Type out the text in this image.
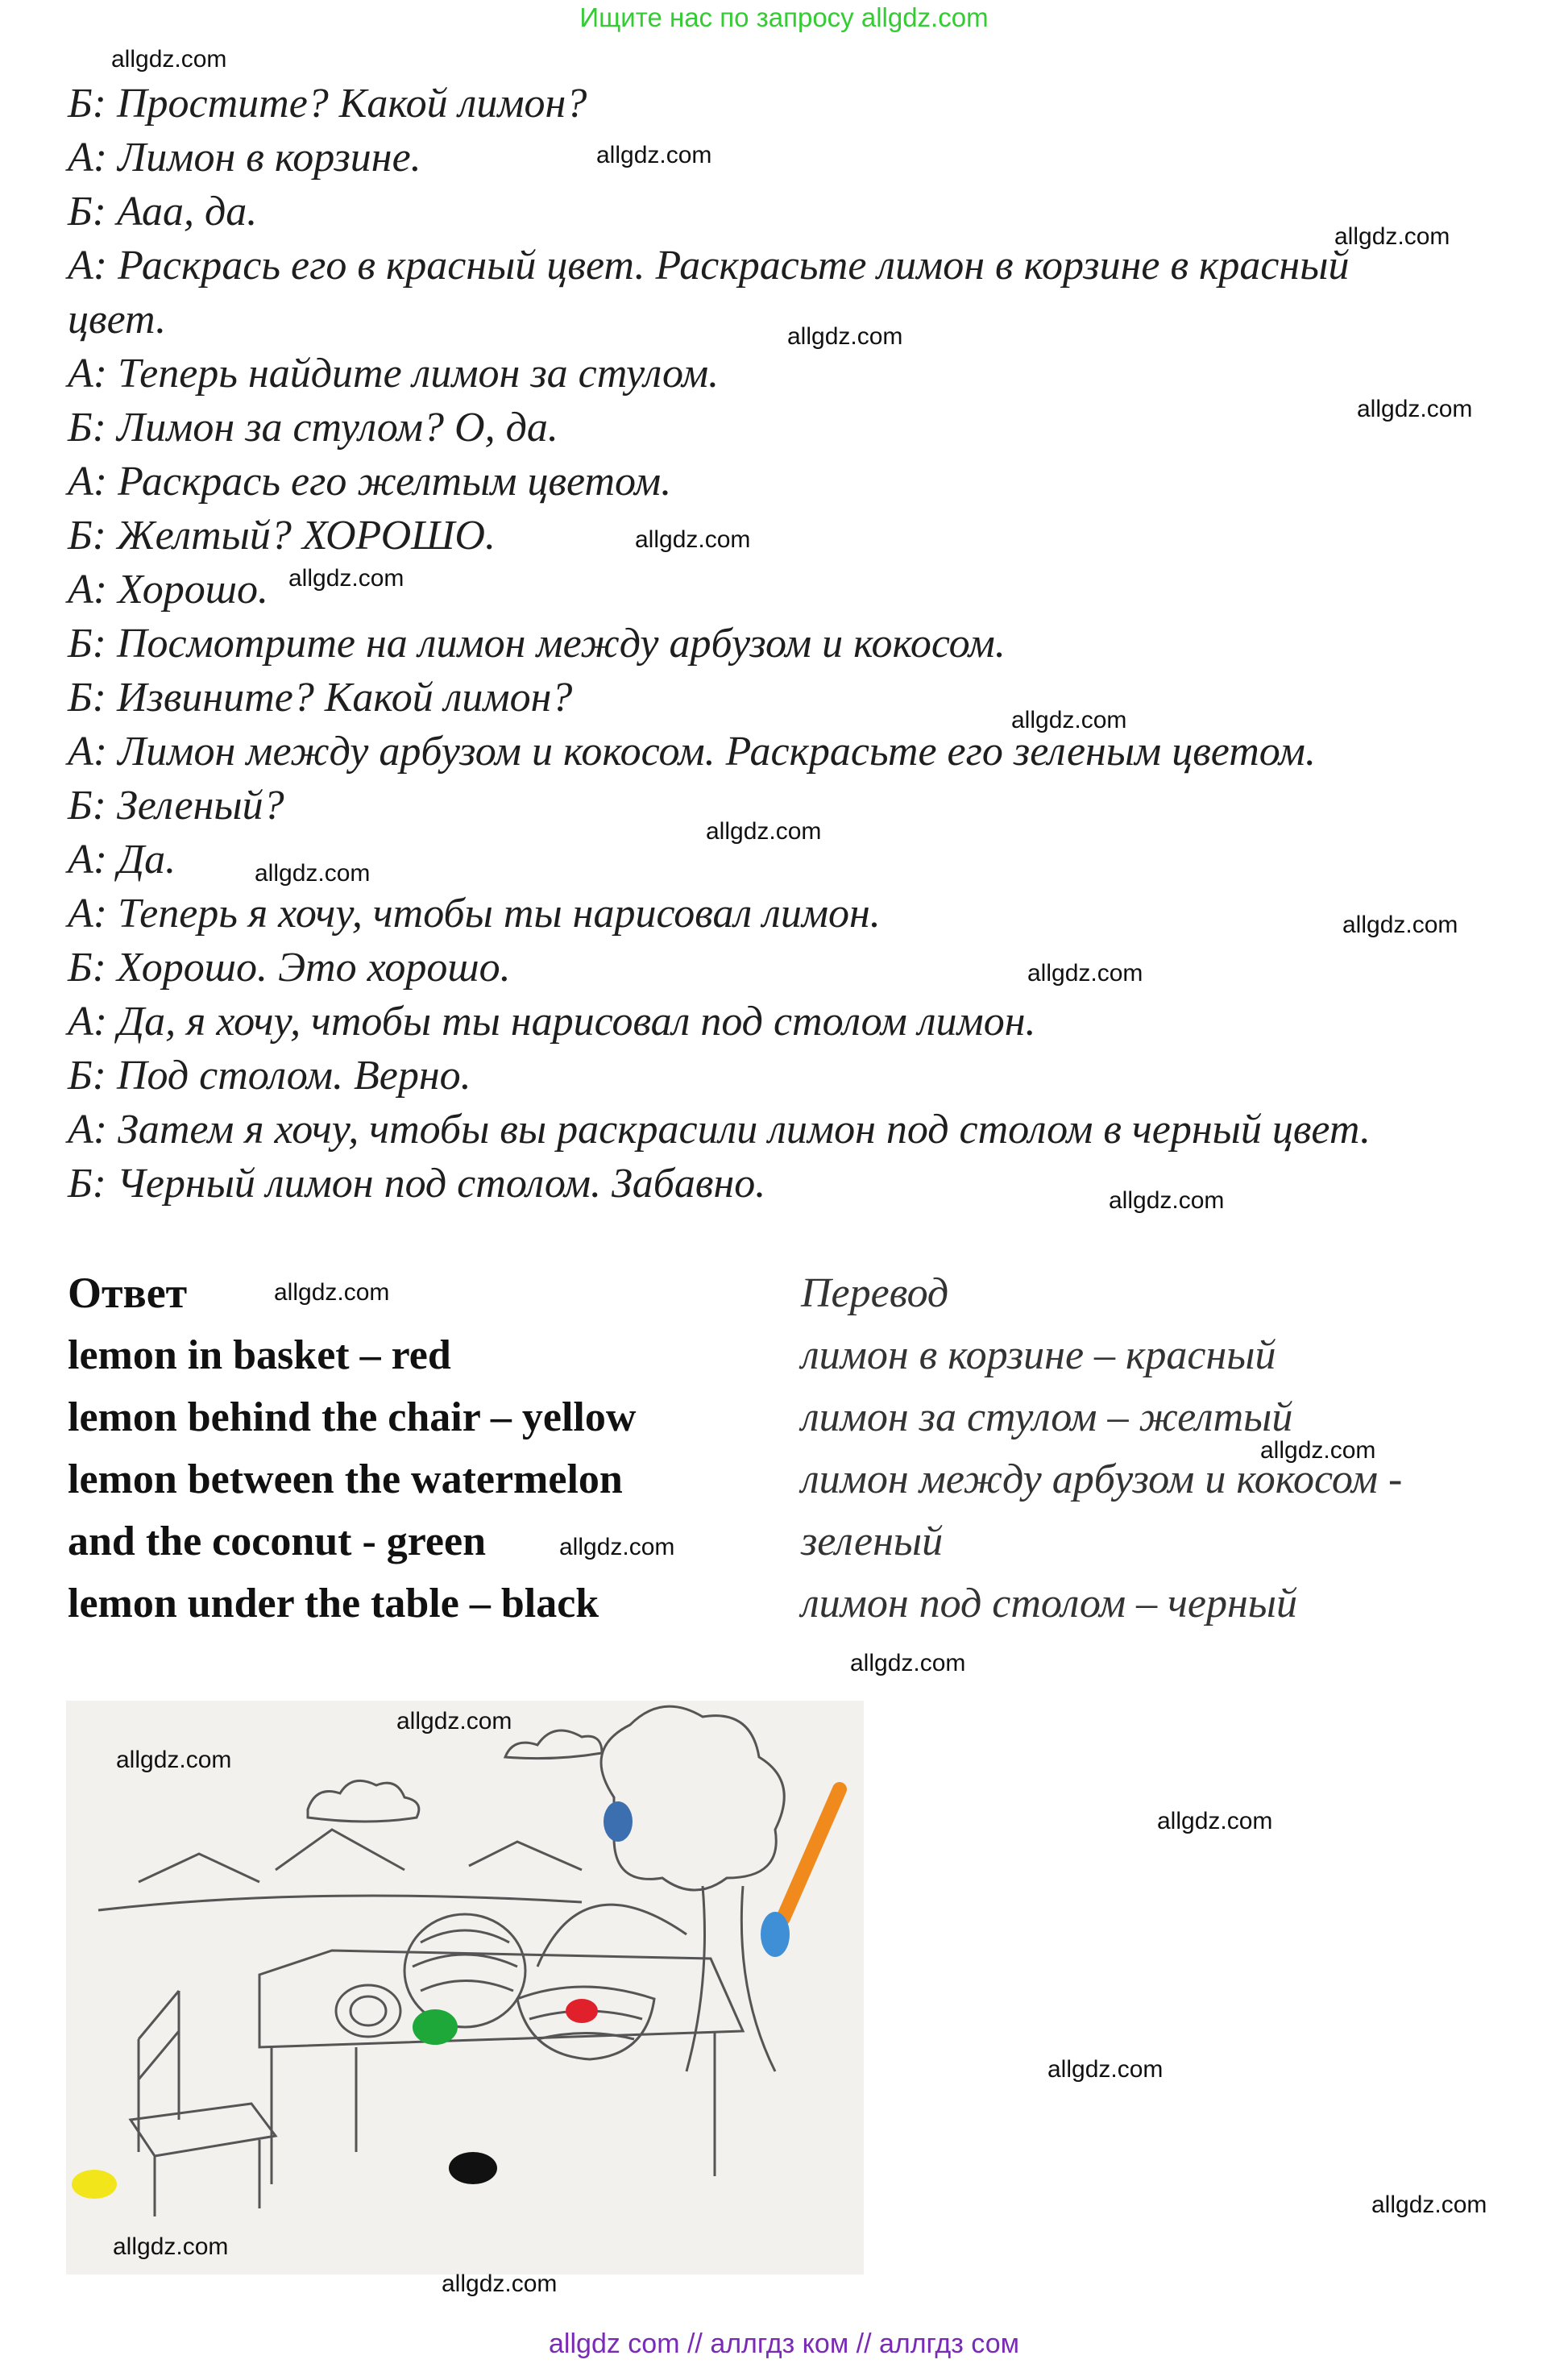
Ищите нас по запросу allgdz.com
Б: Простите? Какой лимон?
А: Лимон в корзине.
Б: Ааа, да.
А: Раскрась его в красный цвет. Раскрасьте лимон в корзине в красный цвет.
А: Теперь найдите лимон за стулом.
Б: Лимон за стулом? О, да.
А: Раскрась его желтым цветом.
Б: Желтый? ХОРОШО.
А: Хорошо.
Б: Посмотрите на лимон между арбузом и кокосом.
Б: Извините? Какой лимон?
А: Лимон между арбузом и кокосом. Раскрасьте его зеленым цветом.
Б: Зеленый?
А: Да.
А: Теперь я хочу, чтобы ты нарисовал лимон.
Б: Хорошо. Это хорошо.
А: Да, я хочу, чтобы ты нарисовал под столом лимон.
Б: Под столом. Верно.
А: Затем я хочу, чтобы вы раскрасили лимон под столом в черный цвет.
Б: Черный лимон под столом. Забавно.
Ответ
lemon in basket – red
lemon behind the chair – yellow
lemon between the watermelon
and the coconut - green
lemon under the table – black
Перевод
лимон в корзине – красный
лимон за стулом – желтый
лимон между арбузом и кокосом -
зеленый
лимон под столом – черный
allgdz.com
allgdz.com
allgdz.com
allgdz.com
allgdz.com
allgdz.com
allgdz.com
allgdz.com
allgdz.com
allgdz.com
allgdz.com
allgdz.com
allgdz.com
allgdz.com
allgdz.com
allgdz.com
allgdz.com
allgdz.com
allgdz.com
allgdz.com
allgdz.com
allgdz.com
allgdz.com
allgdz.com
allgdz com // аллгдз ком // аллгдз сом
